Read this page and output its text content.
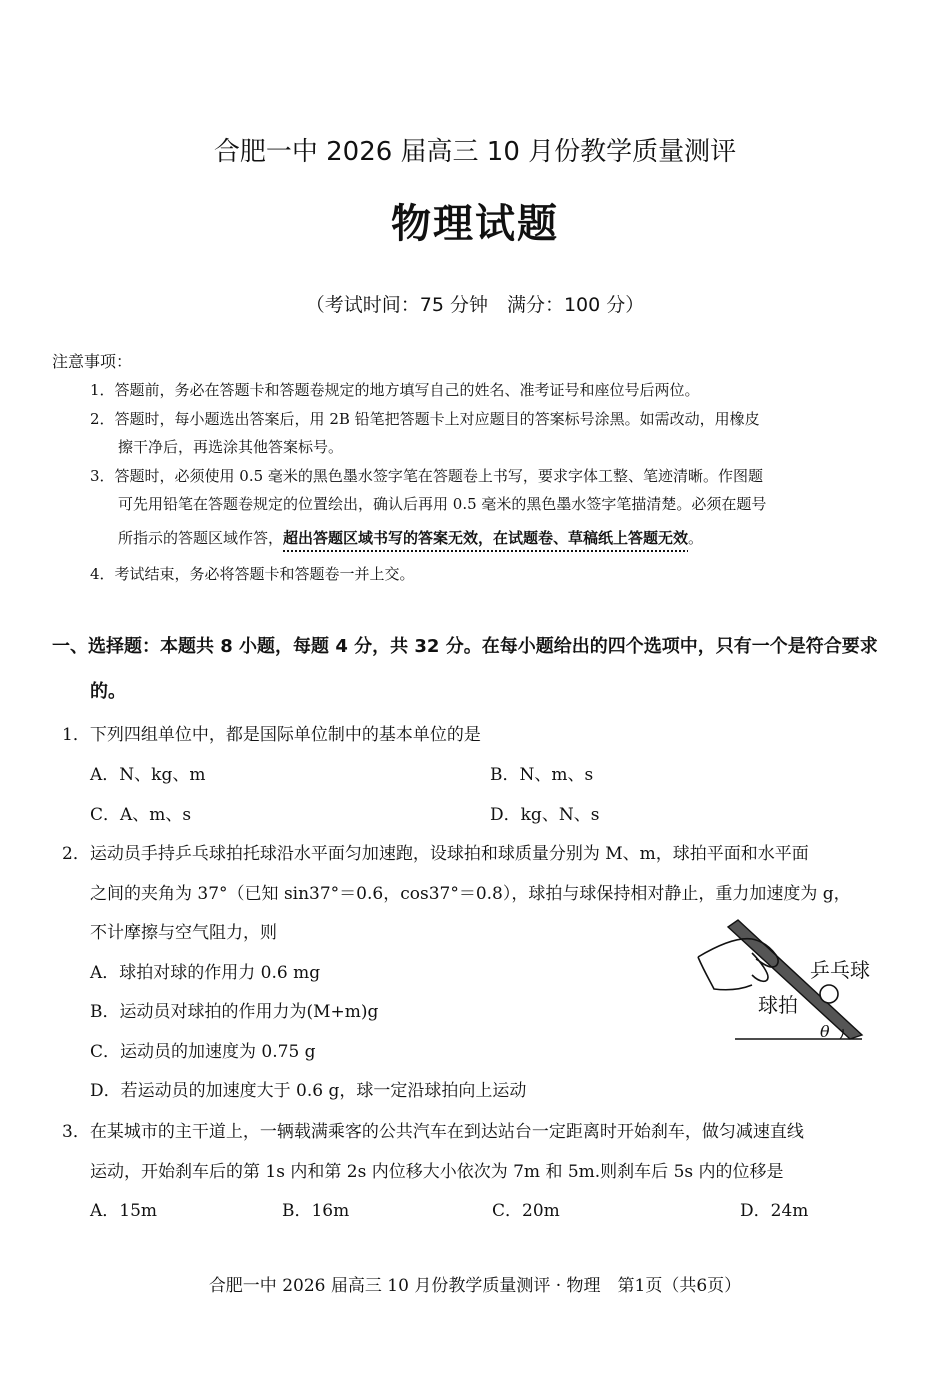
合肥一中 2026 届高三 10 月份教学质量测评
物理试题
（考试时间：75 分钟　满分：100 分）
注意事项：
1．答题前，务必在答题卡和答题卷规定的地方填写自己的姓名、准考证号和座位号后两位。
2．答题时，每小题选出答案后，用 2B 铅笔把答题卡上对应题目的答案标号涂黑。如需改动，用橡皮
擦干净后，再选涂其他答案标号。
3．答题时，必须使用 0.5 毫米的黑色墨水签字笔在答题卷上书写，要求字体工整、笔迹清晰。作图题
可先用铅笔在答题卷规定的位置绘出，确认后再用 0.5 毫米的黑色墨水签字笔描清楚。必须在题号
所指示的答题区域作答，超出答题区域书写的答案无效，在试题卷、草稿纸上答题无效。
4．考试结束，务必将答题卡和答题卷一并上交。
一、选择题：本题共 8 小题，每题 4 分，共 32 分。在每小题给出的四个选项中，只有一个是符合要求
的。
1．下列四组单位中，都是国际单位制中的基本单位的是
A．N、kg、m	B．N、m、s
C．A、m、s	D．kg、N、s
2．运动员手持乒乓球拍托球沿水平面匀加速跑，设球拍和球质量分别为 M、m，球拍平面和水平面
之间的夹角为 37°（已知 sin37°＝0.6，cos37°＝0.8），球拍与球保持相对静止，重力加速度为 g，
不计摩擦与空气阻力，则
A．球拍对球的作用力 0.6 mg
B．运动员对球拍的作用力为(M+m)g
C．运动员的加速度为 0.75 g
D．若运动员的加速度大于 0.6 g，球一定沿球拍向上运动
乒乓球
球拍
θ
3．在某城市的主干道上，一辆载满乘客的公共汽车在到达站台一定距离时开始刹车，做匀减速直线
运动，开始刹车后的第 1s 内和第 2s 内位移大小依次为 7m 和 5m.则刹车后 5s 内的位移是
A．15m	B．16m	C．20m	D．24m
合肥一中 2026 届高三 10 月份教学质量测评 · 物理　第1页（共6页）
